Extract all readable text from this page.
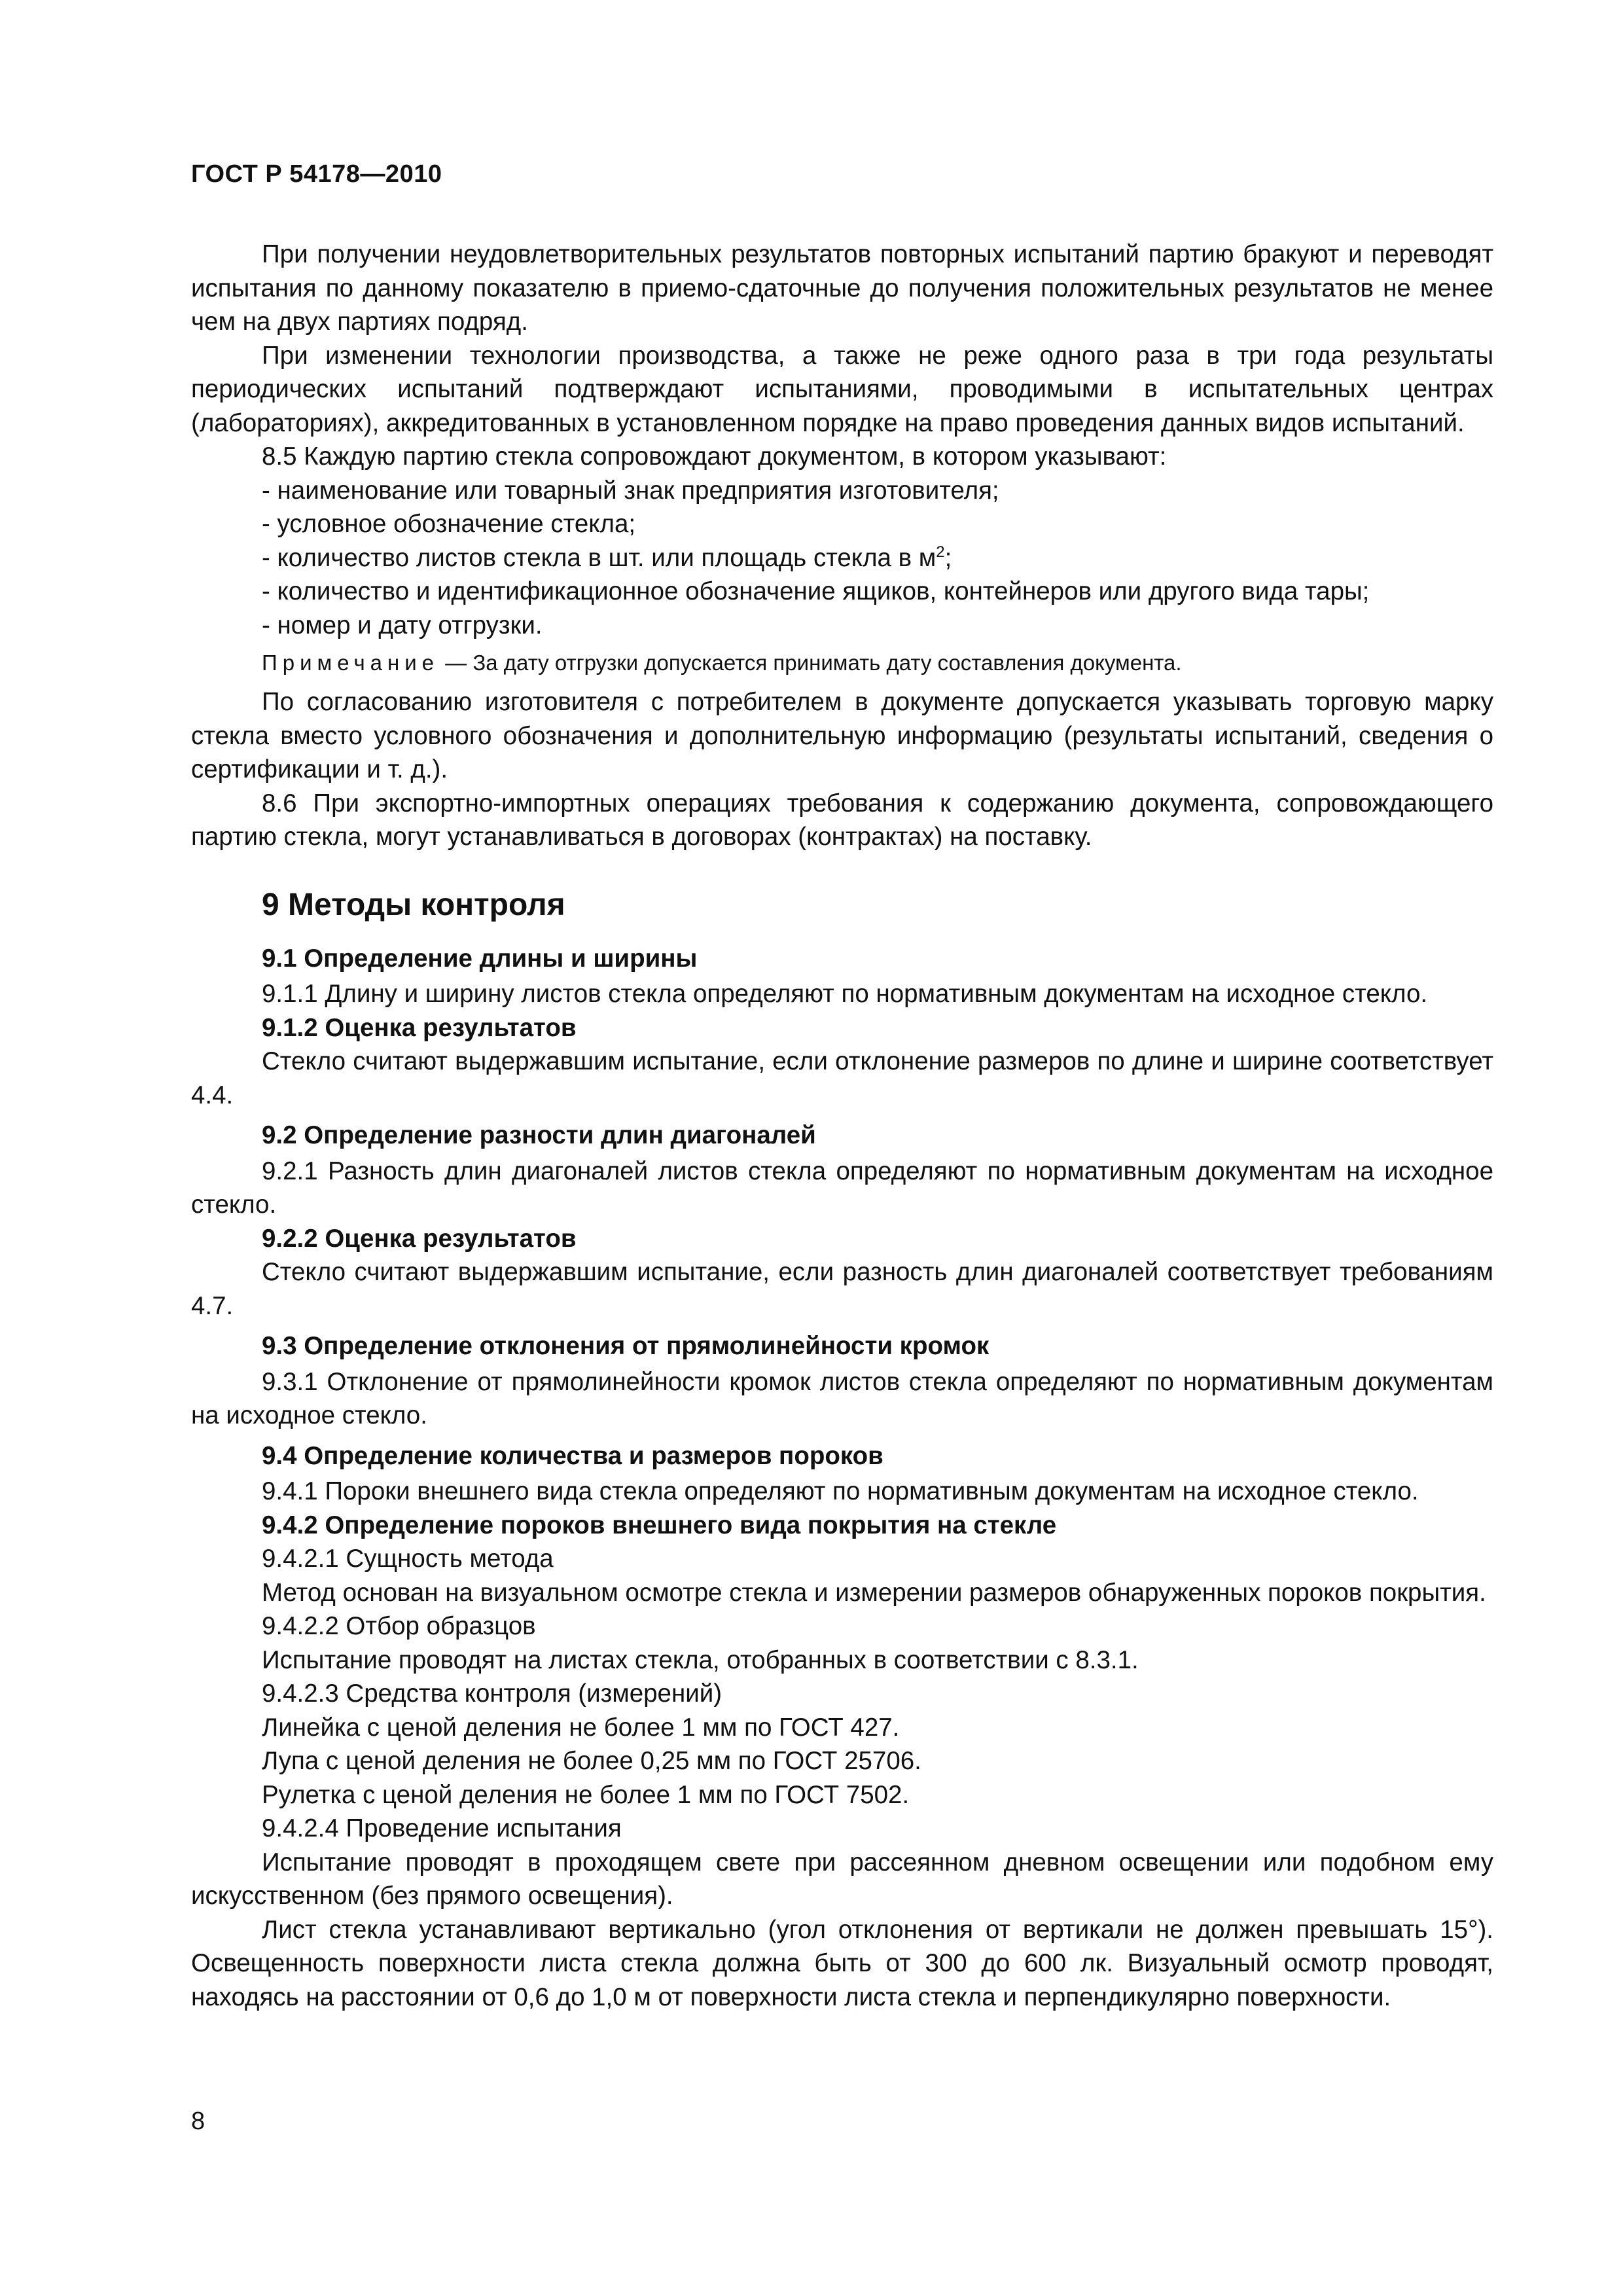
ГОСТ Р 54178—2010

При получении неудовлетворительных результатов повторных испытаний партию бракуют и переводят испытания по данному показателю в приемо-сдаточные до получения положительных результатов не менее чем на двух партиях подряд.

При изменении технологии производства, а также не реже одного раза в три года результаты периодических испытаний подтверждают испытаниями, проводимыми в испытательных центрах (лабораториях), аккредитованных в установленном порядке на право проведения данных видов испытаний.

8.5 Каждую партию стекла сопровождают документом, в котором указывают:

- наименование или товарный знак предприятия изготовителя;

- условное обозначение стекла;

- количество листов стекла в шт. или площадь стекла в $м^2$;

- количество и идентификационное обозначение ящиков, контейнеров или другого вида тары;

- номер и дату отгрузки.

Примечание — За дату отгрузки допускается принимать дату составления документа.

По согласованию изготовителя с потребителем в документе допускается указывать торговую марку стекла вместо условного обозначения и дополнительную информацию (результаты испытаний, сведения о сертификации и т. д.).

8.6 При экспортно-импортных операциях требования к содержанию документа, сопровождающего партию стекла, могут устанавливаться в договорах (контрактах) на поставку.

9 Методы контроля
9.1 Определение длины и ширины

9.1.1 Длину и ширину листов стекла определяют по нормативным документам на исходное стекло.

9.1.2 Оценка результатов

Стекло считают выдержавшим испытание, если отклонение размеров по длине и ширине соответствует 4.4.

9.2 Определение разности длин диагоналей

9.2.1 Разность длин диагоналей листов стекла определяют по нормативным документам на исходное стекло.

9.2.2 Оценка результатов

Стекло считают выдержавшим испытание, если разность длин диагоналей соответствует требованиям 4.7.

9.3 Определение отклонения от прямолинейности кромок

9.3.1 Отклонение от прямолинейности кромок листов стекла определяют по нормативным документам на исходное стекло.

9.4 Определение количества и размеров пороков

9.4.1 Пороки внешнего вида стекла определяют по нормативным документам на исходное стекло.

9.4.2 Определение пороков внешнего вида покрытия на стекле

9.4.2.1 Сущность метода

Метод основан на визуальном осмотре стекла и измерении размеров обнаруженных пороков покрытия.

9.4.2.2 Отбор образцов

Испытание проводят на листах стекла, отобранных в соответствии с 8.3.1.

9.4.2.3 Средства контроля (измерений)

Линейка с ценой деления не более 1 мм по ГОСТ 427.

Лупа с ценой деления не более 0,25 мм по ГОСТ 25706.

Рулетка с ценой деления не более 1 мм по ГОСТ 7502.

9.4.2.4 Проведение испытания

Испытание проводят в проходящем свете при рассеянном дневном освещении или подобном ему искусственном (без прямого освещения).

Лист стекла устанавливают вертикально (угол отклонения от вертикали не должен превышать 15°). Освещенность поверхности листа стекла должна быть от 300 до 600 лк. Визуальный осмотр проводят, находясь на расстоянии от 0,6 до 1,0 м от поверхности листа стекла и перпендикулярно поверхности.

8
